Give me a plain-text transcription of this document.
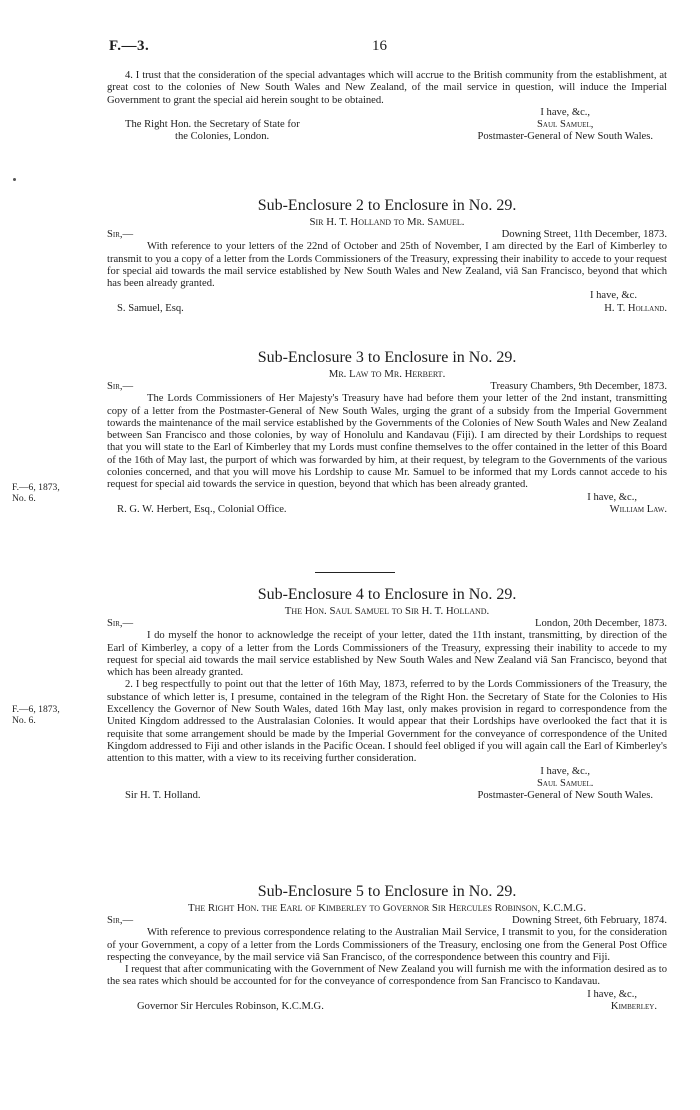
F.—3.	16

4. I trust that the consideration of the special advantages which will accrue to the British community from the establishment, at great cost to the colonies of New South Wales and New Zealand, of the mail service in question, will induce the Imperial Government to grant the special aid herein sought to be obtained.

The Right Hon. the Secretary of State for
the Colonies, London.
I have, &c.,
Saul Samuel,
Postmaster-General of New South Wales.
Sub-Enclosure 2 to Enclosure in No. 29.
Sir H. T. Holland to Mr. Samuel.
Sir,—	Downing Street, 11th December, 1873.

With reference to your letters of the 22nd of October and 25th of November, I am directed by the Earl of Kimberley to transmit to you a copy of a letter from the Lords Commissioners of the Treasury, expressing their inability to accede to your request for special aid towards the mail service established by New South Wales and New Zealand, viâ San Francisco, beyond that which has been already granted.

I have, &c.
S. Samuel, Esq.	H. T. Holland.
Sub-Enclosure 3 to Enclosure in No. 29.
Mr. Law to Mr. Herbert.
Sir,—	Treasury Chambers, 9th December, 1873.

The Lords Commissioners of Her Majesty's Treasury have had before them your letter of the 2nd instant, transmitting copy of a letter from the Postmaster-General of New South Wales, urging the grant of a subsidy from the Imperial Government towards the maintenance of the mail service established by the Governments of the Colonies of New South Wales and New Zealand between San Francisco and those colonies, by way of Honolulu and Kandavau (Fiji). I am directed by their Lordships to request that you will state to the Earl of Kimberley that my Lords must confine themselves to the offer contained in the letter of this Board of the 16th of May last, the purport of which was forwarded by him, at their request, by telegram to the Governments of the various colonies concerned, and that you will move his Lordship to cause Mr. Samuel to be informed that my Lords cannot accede to his request for special aid towards the service in question, beyond that which has been already granted.

I have, &c.,
R. G. W. Herbert, Esq., Colonial Office.	William Law.
F.—6, 1873,
No. 6.
Sub-Enclosure 4 to Enclosure in No. 29.
The Hon. Saul Samuel to Sir H. T. Holland.
Sir,—	London, 20th December, 1873.

I do myself the honor to acknowledge the receipt of your letter, dated the 11th instant, transmitting, by direction of the Earl of Kimberley, a copy of a letter from the Lords Commissioners of the Treasury, expressing their inability to accede to my request for special aid towards the mail service established by New South Wales and New Zealand viâ San Francisco, beyond that which has been already granted.

2. I beg respectfully to point out that the letter of 16th May, 1873, referred to by the Lords Commissioners of the Treasury, the substance of which letter is, I presume, contained in the telegram of the Right Hon. the Secretary of State for the Colonies to His Excellency the Governor of New South Wales, dated 16th May last, only makes provision in regard to correspondence from the United Kingdom addressed to the Australasian Colonies. It would appear that their Lordships have overlooked the fact that it is requisite that some arrangement should be made by the Imperial Government for the conveyance of correspondence of the United Kingdom addressed to Fiji and other islands in the Pacific Ocean. I should feel obliged if you will again call the Earl of Kimberley's attention to this matter, with a view to its receiving further consideration.

Sir H. T. Holland.
I have, &c.,
Saul Samuel.
Postmaster-General of New South Wales.
F.—6, 1873,
No. 6.
Sub-Enclosure 5 to Enclosure in No. 29.
The Right Hon. the Earl of Kimberley to Governor Sir Hercules Robinson, K.C.M.G.
Sir,—	Downing Street, 6th February, 1874.

With reference to previous correspondence relating to the Australian Mail Service, I transmit to you, for the consideration of your Government, a copy of a letter from the Lords Commissioners of the Treasury, enclosing one from the General Post Office respecting the conveyance, by the mail service viâ San Francisco, of the correspondence between this country and Fiji.

I request that after communicating with the Government of New Zealand you will furnish me with the information desired as to the sea rates which should be accounted for for the conveyance of correspondence from San Francisco to Kandavau.

I have, &c.,
Governor Sir Hercules Robinson, K.C.M.G.	Kimberley.
